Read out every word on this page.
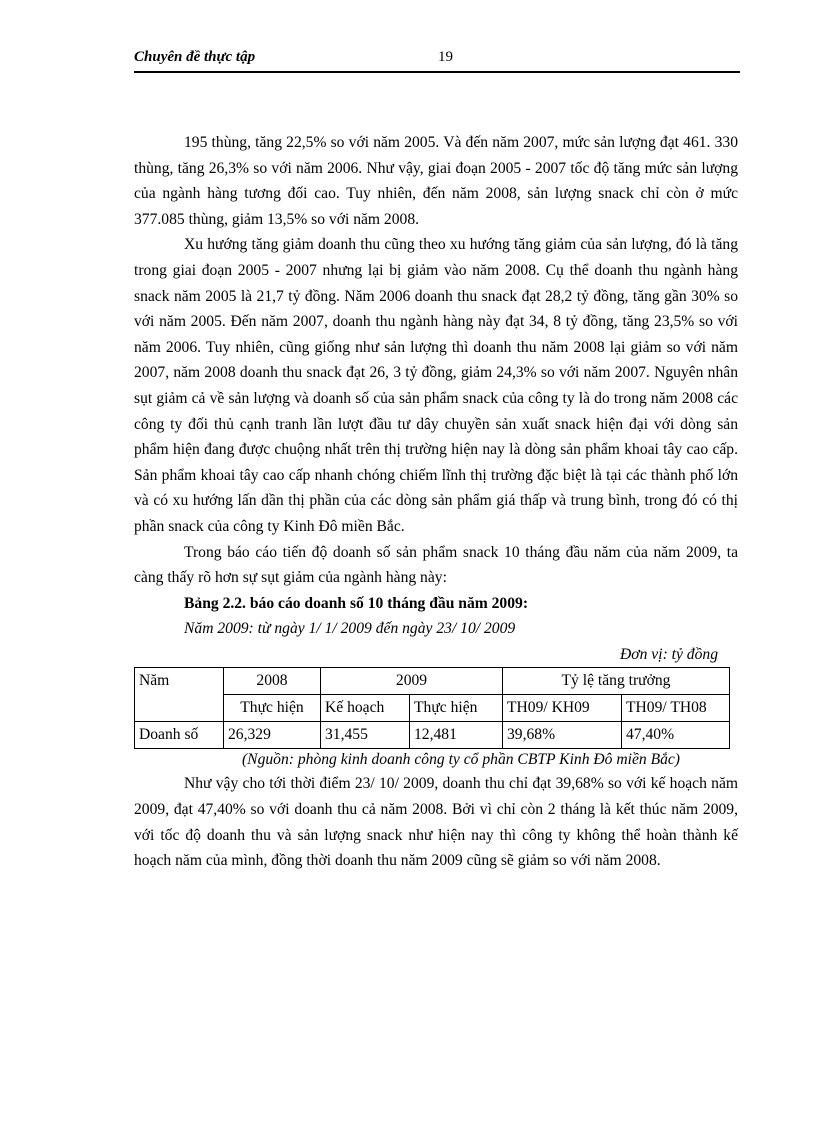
Chuyên đề thực tập	19

195 thùng, tăng 22,5% so với năm 2005. Và đến năm 2007, mức sản lượng đạt 461. 330 thùng, tăng 26,3% so với năm 2006. Như vậy, giai đoạn 2005 - 2007 tốc độ tăng mức sản lượng của ngành hàng tương đối cao. Tuy nhiên, đến năm 2008, sản lượng snack chỉ còn ở mức 377.085 thùng, giảm 13,5% so với năm 2008.

Xu hướng tăng giảm doanh thu cũng theo xu hướng tăng giảm của sản lượng, đó là tăng trong giai đoạn 2005 - 2007 nhưng lại bị giảm vào năm 2008. Cụ thể doanh thu ngành hàng snack năm 2005 là 21,7 tỷ đồng. Năm 2006 doanh thu snack đạt 28,2 tỷ đồng, tăng gần 30% so với năm 2005. Đến năm 2007, doanh thu ngành hàng này đạt 34, 8 tỷ đồng, tăng 23,5% so với năm 2006. Tuy nhiên, cũng giống như sản lượng thì doanh thu năm 2008 lại giảm so với năm 2007, năm 2008 doanh thu snack đạt 26, 3 tỷ đồng, giảm 24,3% so với năm 2007. Nguyên nhân sụt giảm cả về sản lượng và doanh số của sản phẩm snack của công ty là do trong năm 2008 các công ty đối thủ cạnh tranh lần lượt đầu tư dây chuyền sản xuất snack hiện đại với dòng sản phẩm hiện đang được chuộng nhất trên thị trường hiện nay là dòng sản phẩm khoai tây cao cấp. Sản phẩm khoai tây cao cấp nhanh chóng chiếm lĩnh thị trường đặc biệt là tại các thành phố lớn và có xu hướng lấn dần thị phần của các dòng sản phẩm giá thấp và trung bình, trong đó có thị phần snack của công ty Kinh Đô miền Bắc.

Trong báo cáo tiến độ doanh số sản phẩm snack 10 tháng đầu năm của năm 2009, ta càng thấy rõ hơn sự sụt giảm của ngành hàng này:

Bảng 2.2. báo cáo doanh số 10 tháng đầu năm 2009:

Năm 2009: từ ngày 1/ 1/ 2009 đến ngày 23/ 10/ 2009

Đơn vị: tỷ đồng

Năm	2008	2009		Tỷ lệ tăng trưởng	
	Thực hiện	Kế hoạch	Thực hiện	TH09/ KH09	TH09/ TH08
Doanh số	26,329	31,455	12,481	39,68%	47,40%

(Nguồn: phòng kinh doanh công ty cổ phần CBTP Kinh Đô miền Bắc)

Như vậy cho tới thời điểm 23/ 10/ 2009, doanh thu chỉ đạt 39,68% so với kế hoạch năm 2009, đạt 47,40% so với doanh thu cả năm 2008. Bởi vì chỉ còn 2 tháng là kết thúc năm 2009, với tốc độ doanh thu và sản lượng snack như hiện nay thì công ty không thể hoàn thành kế hoạch năm của mình, đồng thời doanh thu năm 2009 cũng sẽ giảm so với năm 2008.
